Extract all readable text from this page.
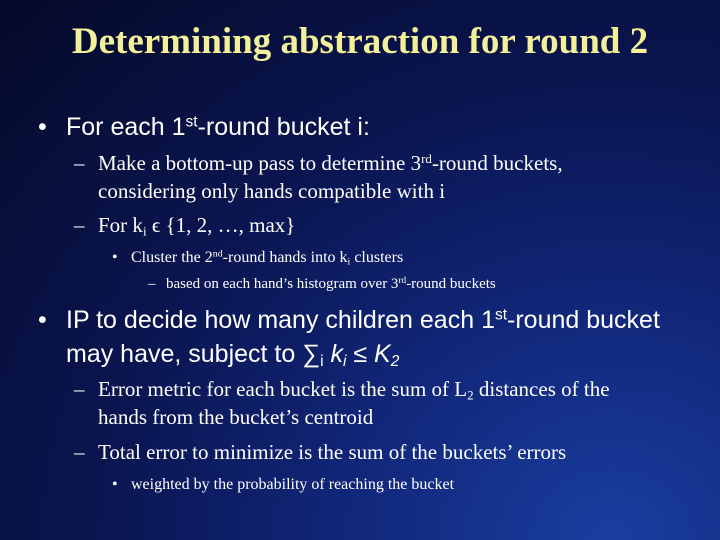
Determining abstraction for round 2
• For each 1st-round bucket i:
– Make a bottom-up pass to determine 3rd-round buckets,
considering only hands compatible with i
– For $k_i$ ϵ {1, 2, …, max}
• Cluster the 2nd-round hands into $k_i$ clusters
– based on each hand’s histogram over 3rd-round buckets
• IP to decide how many children each 1st-round bucket
may have, subject to $\sum_i$ $k_i \le K_2$
– Error metric for each bucket is the sum of $L_2$ distances of the
hands from the bucket’s centroid
– Total error to minimize is the sum of the buckets’ errors
• weighted by the probability of reaching the bucket
